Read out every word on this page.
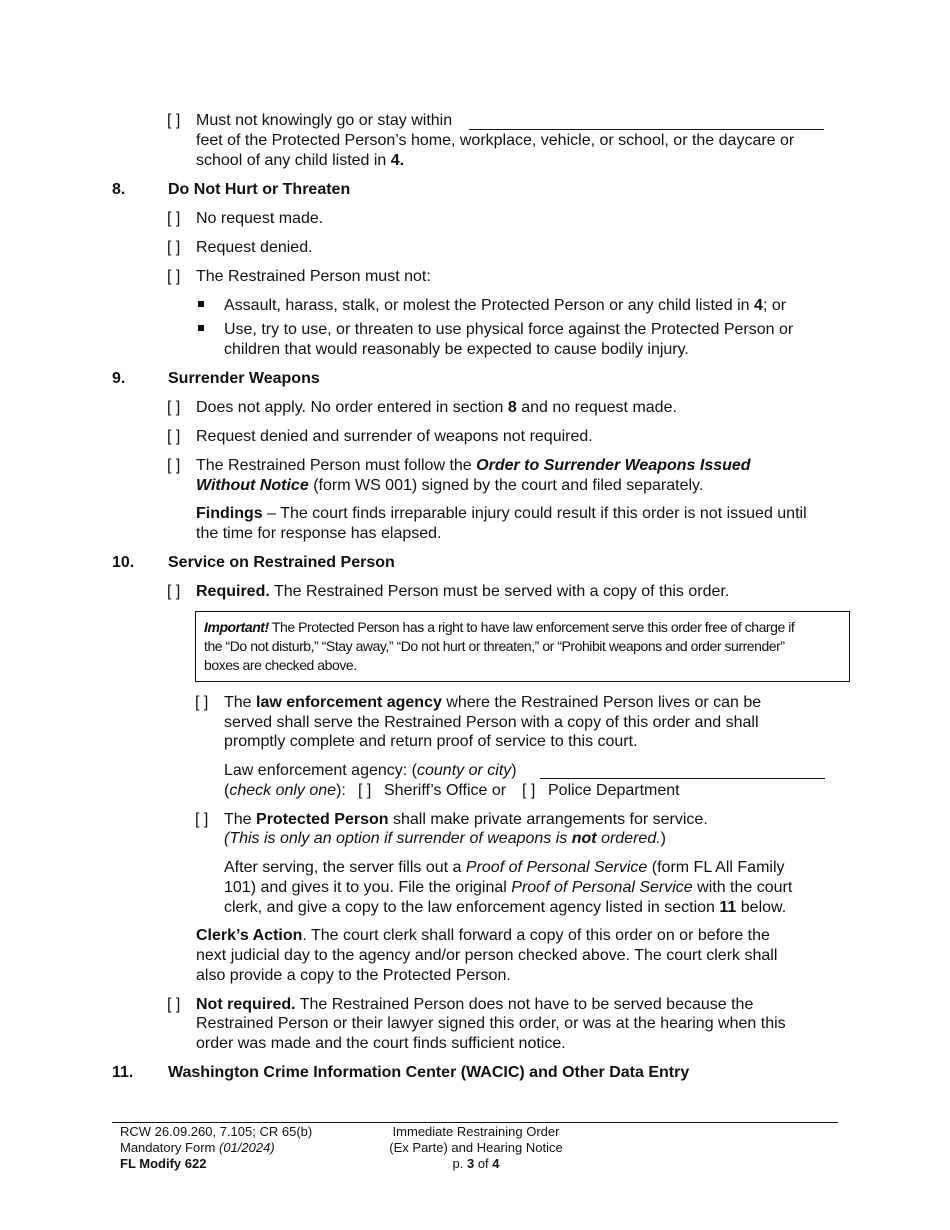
[ ] Must not knowingly go or stay within
feet of the Protected Person’s home, workplace, vehicle, or school, or the daycare or
school of any child listed in 4.
8.	Do Not Hurt or Threaten
[ ] No request made.
[ ] Request denied.
[ ] The Restrained Person must not:
Assault, harass, stalk, or molest the Protected Person or any child listed in 4; or
Use, try to use, or threaten to use physical force against the Protected Person or
children that would reasonably be expected to cause bodily injury.
9.	Surrender Weapons
[ ] Does not apply. No order entered in section 8 and no request made.
[ ] Request denied and surrender of weapons not required.
[ ] The Restrained Person must follow the Order to Surrender Weapons Issued
Without Notice (form WS 001) signed by the court and filed separately.
Findings – The court finds irreparable injury could result if this order is not issued until
the time for response has elapsed.
10. Service on Restrained Person
[ ] Required. The Restrained Person must be served with a copy of this order.
Important! The Protected Person has a right to have law enforcement serve this order free of charge if
the “Do not disturb,” “Stay away,” “Do not hurt or threaten,” or “Prohibit weapons and order surrender”
boxes are checked above.
[ ] The law enforcement agency where the Restrained Person lives or can be
served shall serve the Restrained Person with a copy of this order and shall
promptly complete and return proof of service to this court.
Law enforcement agency: (county or city)
(check only one): [ ] Sheriff’s Office or [ ] Police Department
[ ] The Protected Person shall make private arrangements for service.
(This is only an option if surrender of weapons is not ordered.)
After serving, the server fills out a Proof of Personal Service (form FL All Family
101) and gives it to you. File the original Proof of Personal Service with the court
clerk, and give a copy to the law enforcement agency listed in section 11 below.
Clerk’s Action. The court clerk shall forward a copy of this order on or before the
next judicial day to the agency and/or person checked above. The court clerk shall
also provide a copy to the Protected Person.
[ ] Not required. The Restrained Person does not have to be served because the
Restrained Person or their lawyer signed this order, or was at the hearing when this
order was made and the court finds sufficient notice.
11. Washington Crime Information Center (WACIC) and Other Data Entry
RCW 26.09.260, 7.105; CR 65(b)
Mandatory Form (01/2024)
FL Modify 622
Immediate Restraining Order
(Ex Parte) and Hearing Notice
p. 3 of 4
